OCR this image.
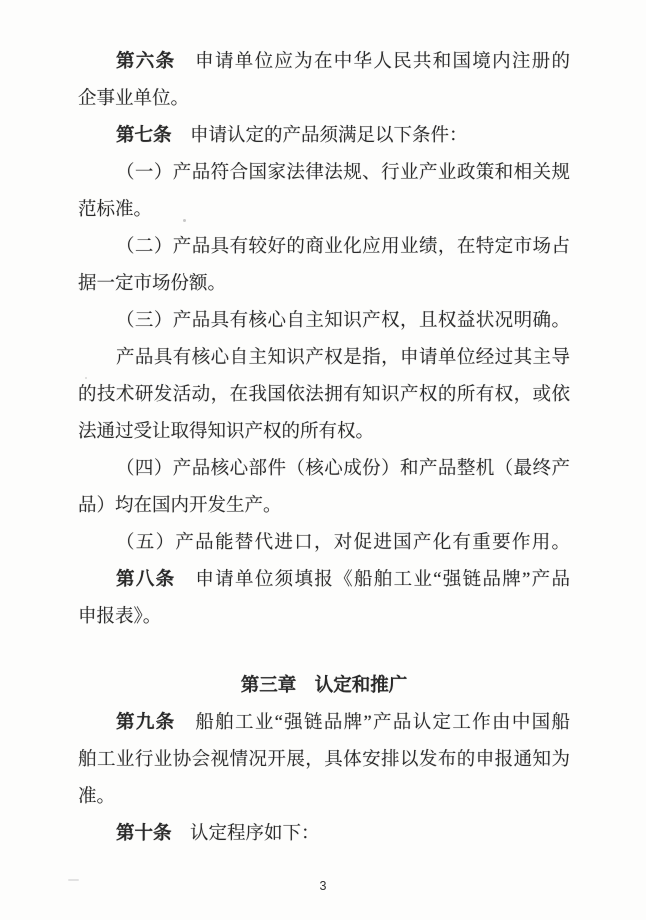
第六条　申请单位应为在中华人民共和国境内注册的
企事业单位。
第七条　申请认定的产品须满足以下条件：
（一）产品符合国家法律法规、行业产业政策和相关规
范标准。
（二）产品具有较好的商业化应用业绩，在特定市场占
据一定市场份额。
（三）产品具有核心自主知识产权，且权益状况明确。
产品具有核心自主知识产权是指，申请单位经过其主导
的技术研发活动，在我国依法拥有知识产权的所有权，或依
法通过受让取得知识产权的所有权。
（四）产品核心部件（核心成份）和产品整机（最终产
品）均在国内开发生产。
（五）产品能替代进口，对促进国产化有重要作用。
第八条　申请单位须填报《船舶工业“强链品牌”产品
申报表》。
第三章　认定和推广
第九条　船舶工业“强链品牌”产品认定工作由中国船
舶工业行业协会视情况开展，具体安排以发布的申报通知为
准。
第十条　认定程序如下：
3
